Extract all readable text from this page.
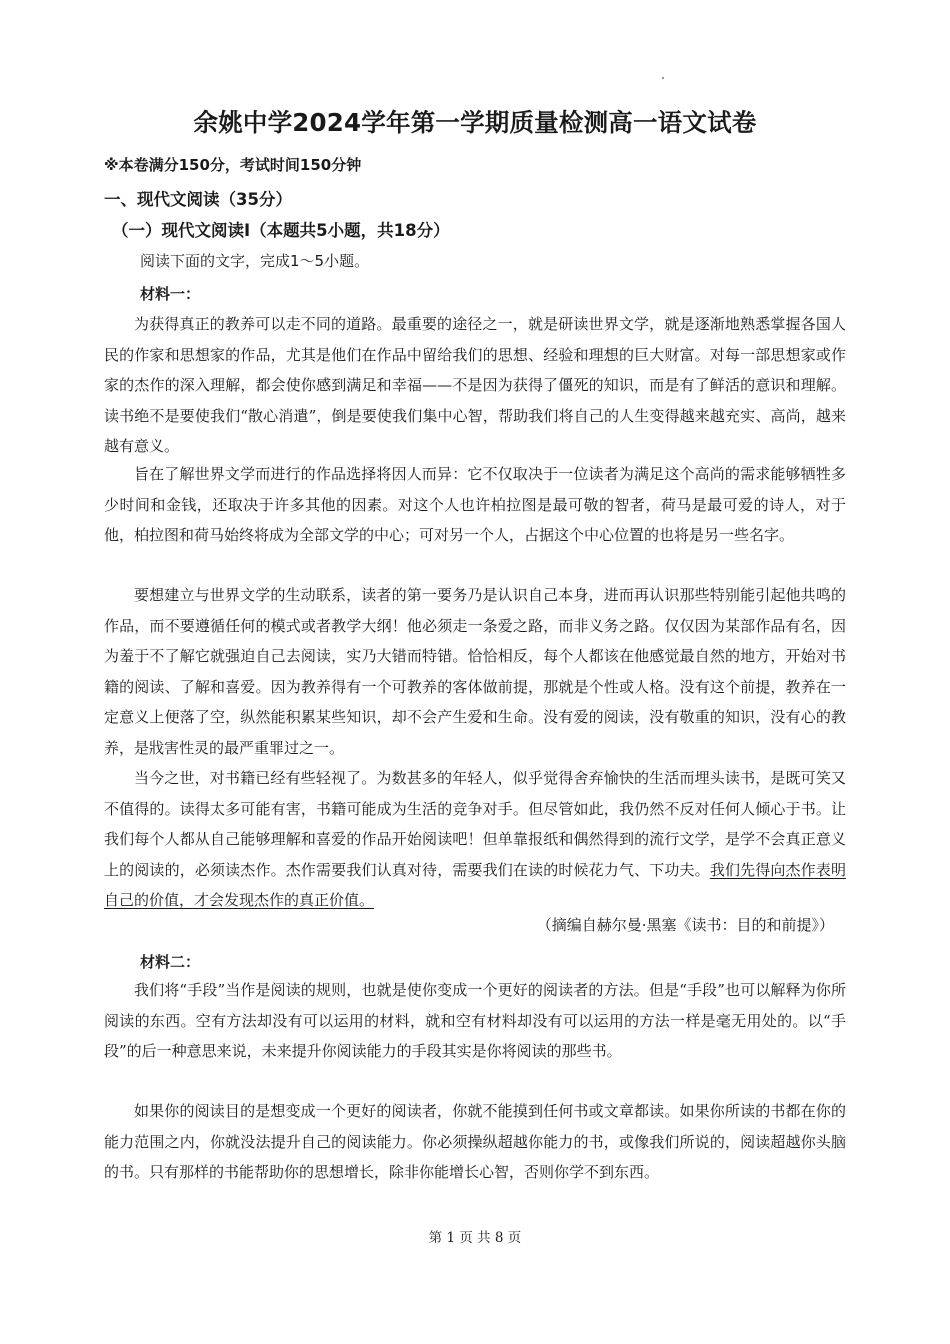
余姚中学2024学年第一学期质量检测高一语文试卷
※本卷满分150分，考试时间150分钟
一、现代文阅读（35分）
（一）现代文阅读Ⅰ（本题共5小题，共18分）
阅读下面的文字，完成1～5小题。
材料一：

为获得真正的教养可以走不同的道路。最重要的途径之一，就是研读世界文学，就是逐渐地熟悉掌握各国人民的作家和思想家的作品，尤其是他们在作品中留给我们的思想、经验和理想的巨大财富。对每一部思想家或作家的杰作的深入理解，都会使你感到满足和幸福——不是因为获得了僵死的知识，而是有了鲜活的意识和理解。读书绝不是要使我们“散心消遣”，倒是要使我们集中心智，帮助我们将自己的人生变得越来越充实、高尚，越来越有意义。

旨在了解世界文学而进行的作品选择将因人而异：它不仅取决于一位读者为满足这个高尚的需求能够牺牲多少时间和金钱，还取决于许多其他的因素。对这个人也许柏拉图是最可敬的智者，荷马是最可爱的诗人，对于他，柏拉图和荷马始终将成为全部文学的中心；可对另一个人，占据这个中心位置的也将是另一些名字。

要想建立与世界文学的生动联系，读者的第一要务乃是认识自己本身，进而再认识那些特别能引起他共鸣的作品，而不要遵循任何的模式或者教学大纲！他必须走一条爱之路，而非义务之路。仅仅因为某部作品有名，因为羞于不了解它就强迫自己去阅读，实乃大错而特错。恰恰相反，每个人都该在他感觉最自然的地方，开始对书籍的阅读、了解和喜爱。因为教养得有一个可教养的客体做前提，那就是个性或人格。没有这个前提，教养在一定意义上便落了空，纵然能积累某些知识，却不会产生爱和生命。没有爱的阅读，没有敬重的知识，没有心的教养，是戕害性灵的最严重罪过之一。

当今之世，对书籍已经有些轻视了。为数甚多的年轻人，似乎觉得舍弃愉快的生活而埋头读书，是既可笑又不值得的。读得太多可能有害，书籍可能成为生活的竞争对手。但尽管如此，我仍然不反对任何人倾心于书。让我们每个人都从自己能够理解和喜爱的作品开始阅读吧！但单靠报纸和偶然得到的流行文学，是学不会真正意义上的阅读的，必须读杰作。杰作需要我们认真对待，需要我们在读的时候花力气、下功夫。我们先得向杰作表明自己的价值，才会发现杰作的真正价值。

（摘编自赫尔曼·黑塞《读书：目的和前提》）
材料二：

我们将“手段”当作是阅读的规则，也就是使你变成一个更好的阅读者的方法。但是“手段”也可以解释为你所阅读的东西。空有方法却没有可以运用的材料，就和空有材料却没有可以运用的方法一样是毫无用处的。以“手段”的后一种意思来说，未来提升你阅读能力的手段其实是你将阅读的那些书。

如果你的阅读目的是想变成一个更好的阅读者，你就不能摸到任何书或文章都读。如果你所读的书都在你的能力范围之内，你就没法提升自己的阅读能力。你必须操纵超越你能力的书，或像我们所说的，阅读超越你头脑的书。只有那样的书能帮助你的思想增长，除非你能增长心智，否则你学不到东西。

第 1 页 共 8 页
